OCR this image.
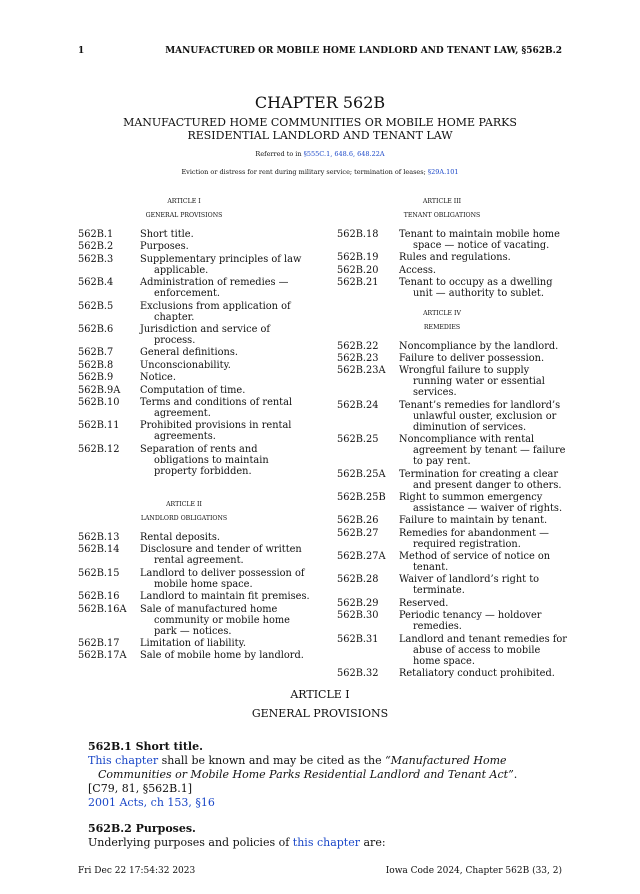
1	MANUFACTURED OR MOBILE HOME LANDLORD AND TENANT LAW, §562B.2
CHAPTER 562B
MANUFACTURED HOME COMMUNITIES OR MOBILE HOME PARKS
RESIDENTIAL LANDLORD AND TENANT LAW
Referred to in §555C.1, 648.6, 648.22A
Eviction or distress for rent during military service; termination of leases; §29A.101
ARTICLE I
GENERAL PROVISIONS
562B.1	Short title.
562B.2	Purposes.
562B.3	Supplementary principles of law applicable.
562B.4	Administration of remedies — enforcement.
562B.5	Exclusions from application of chapter.
562B.6	Jurisdiction and service of process.
562B.7	General definitions.
562B.8	Unconscionability.
562B.9	Notice.
562B.9A	Computation of time.
562B.10	Terms and conditions of rental agreement.
562B.11	Prohibited provisions in rental agreements.
562B.12	Separation of rents and obligations to maintain property forbidden.
ARTICLE II
LANDLORD OBLIGATIONS
562B.13	Rental deposits.
562B.14	Disclosure and tender of written rental agreement.
562B.15	Landlord to deliver possession of mobile home space.
562B.16	Landlord to maintain fit premises.
562B.16A	Sale of manufactured home community or mobile home park — notices.
562B.17	Limitation of liability.
562B.17A	Sale of mobile home by landlord.
ARTICLE III
TENANT OBLIGATIONS
562B.18	Tenant to maintain mobile home space — notice of vacating.
562B.19	Rules and regulations.
562B.20	Access.
562B.21	Tenant to occupy as a dwelling unit — authority to sublet.
ARTICLE IV
REMEDIES
562B.22	Noncompliance by the landlord.
562B.23	Failure to deliver possession.
562B.23A	Wrongful failure to supply running water or essential services.
562B.24	Tenant’s remedies for landlord’s unlawful ouster, exclusion or diminution of services.
562B.25	Noncompliance with rental agreement by tenant — failure to pay rent.
562B.25A	Termination for creating a clear and present danger to others.
562B.25B	Right to summon emergency assistance — waiver of rights.
562B.26	Failure to maintain by tenant.
562B.27	Remedies for abandonment — required registration.
562B.27A	Method of service of notice on tenant.
562B.28	Waiver of landlord’s right to terminate.
562B.29	Reserved.
562B.30	Periodic tenancy — holdover remedies.
562B.31	Landlord and tenant remedies for abuse of access to mobile home space.
562B.32	Retaliatory conduct prohibited.
ARTICLE I
GENERAL PROVISIONS
562B.1 Short title.
This chapter shall be known and may be cited as the “Manufactured Home Communities or Mobile Home Parks Residential Landlord and Tenant Act”.
[C79, 81, §562B.1]
2001 Acts, ch 153, §16
562B.2 Purposes.
Underlying purposes and policies of this chapter are:
Fri Dec 22 17:54:32 2023	Iowa Code 2024, Chapter 562B (33, 2)
